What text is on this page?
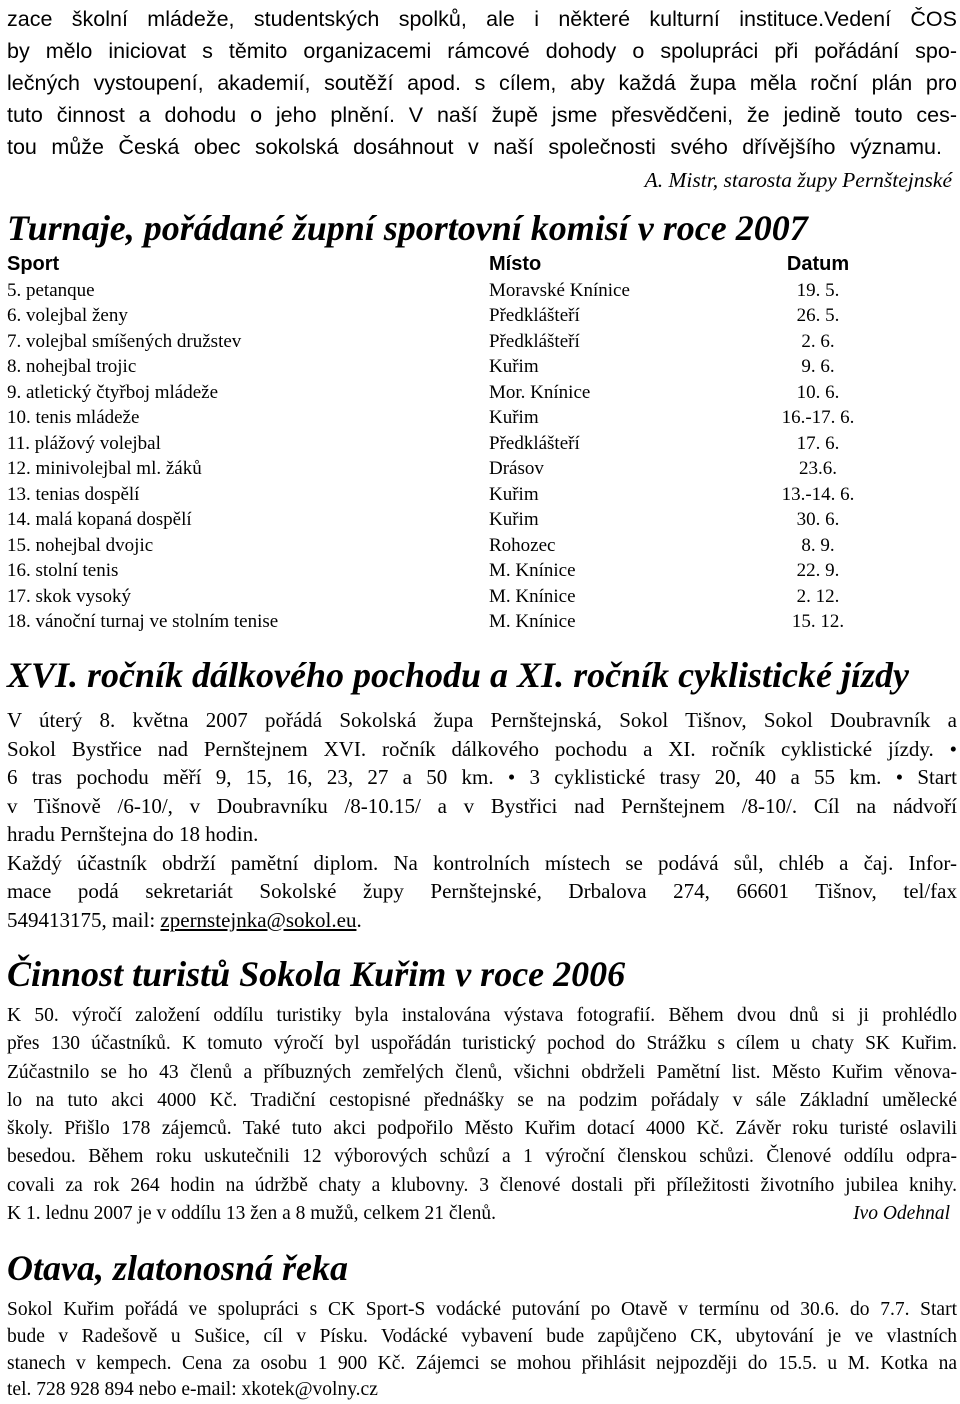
zace školní mládeže, studentských spolků, ale i některé kulturní instituce.Vedení ČOS

by mělo iniciovat s těmito organizacemi rámcové dohody o spolupráci při pořádání spo-

lečných vystoupení, akademií, soutěží apod. s cílem, aby každá župa měla roční plán pro

tuto činnost a dohodu o jeho plnění. V naší župě jsme přesvědčeni, že jedině touto ces-

tou může Česká obec sokolská dosáhnout v naší společnosti svého dřívějšího významu.

A. Mistr, starosta župy Pernštejnské

Turnaje, pořádané župní sportovní komisí v roce 2007
Sport	Místo	Datum
5. petanque	Moravské Knínice	19. 5.
6. volejbal ženy	Předklášteří	26. 5.
7. volejbal smíšených družstev	Předklášteří	2. 6.
8. nohejbal trojic	Kuřim	9. 6.
9. atletický čtyřboj mládeže	Mor. Knínice	10. 6.
10. tenis mládeže	Kuřim	16.-17. 6.
11. plážový volejbal	Předklášteří	17. 6.
12. minivolejbal ml. žáků	Drásov	23.6.
13. tenias dospělí	Kuřim	13.-14. 6.
14. malá kopaná dospělí	Kuřim	30. 6.
15. nohejbal dvojic	Rohozec	8. 9.
16. stolní tenis	M. Knínice	22. 9.
17. skok vysoký	M. Knínice	2. 12.
18. vánoční turnaj ve stolním tenise	M. Knínice	15. 12.
XVI. ročník dálkového pochodu a XI. ročník cyklistické jízdy

V úterý 8. května 2007 pořádá Sokolská župa Pernštejnská, Sokol Tišnov, Sokol Doubravník a

Sokol Bystřice nad Pernštejnem XVI. ročník dálkového pochodu a XI. ročník cyklistické jízdy. •

6 tras pochodu měří 9, 15, 16, 23, 27 a 50 km. • 3 cyklistické trasy 20, 40 a 55 km. • Start

v Tišnově /6-10/, v Doubravníku /8-10.15/ a v Bystřici nad Pernštejnem /8-10/. Cíl na nádvoří

hradu Pernštejna do 18 hodin.

Každý účastník obdrží pamětní diplom. Na kontrolních místech se podává sůl, chléb a čaj. Infor-

mace podá sekretariát Sokolské župy Pernštejnské, Drbalova 274, 66601 Tišnov, tel/fax

549413175, mail: zpernstejnka@sokol.eu.

Činnost turistů Sokola Kuřim v roce 2006

K 50. výročí založení oddílu turistiky byla instalována výstava fotografií. Během dvou dnů si ji prohlédlo

přes 130 účastníků. K tomuto výročí byl uspořádán turistický pochod do Strážku s cílem u chaty SK Kuřim.

Zúčastnilo se ho 43 členů a příbuzných zemřelých členů, všichni obdrželi Pamětní list. Město Kuřim věnova-

lo na tuto akci 4000 Kč. Tradiční cestopisné přednášky se na podzim pořádaly v sále Základní umělecké

školy. Přišlo 178 zájemců. Také tuto akci podpořilo Město Kuřim dotací 4000 Kč. Závěr roku turisté oslavili

besedou. Během roku uskutečnili 12 výborových schůzí a 1 výroční členskou schůzi. Členové oddílu odpra-

covali za rok 264 hodin na údržbě chaty a klubovny. 3 členové dostali při příležitosti životního jubilea knihy.

K 1. lednu 2007 je v oddílu 13 žen a 8 mužů, celkem 21 členů.	Ivo Odehnal

Otava, zlatonosná řeka

Sokol Kuřim pořádá ve spolupráci s CK Sport-S vodácké putování po Otavě v termínu od 30.6. do 7.7. Start

bude v Radešově u Sušice, cíl v Písku. Vodácké vybavení bude zapůjčeno CK, ubytování je ve vlastních

stanech v kempech. Cena za osobu 1 900 Kč. Zájemci se mohou přihlásit nejpozději do 15.5. u M. Kotka na

tel. 728 928 894 nebo e-mail: xkotek@volny.cz
